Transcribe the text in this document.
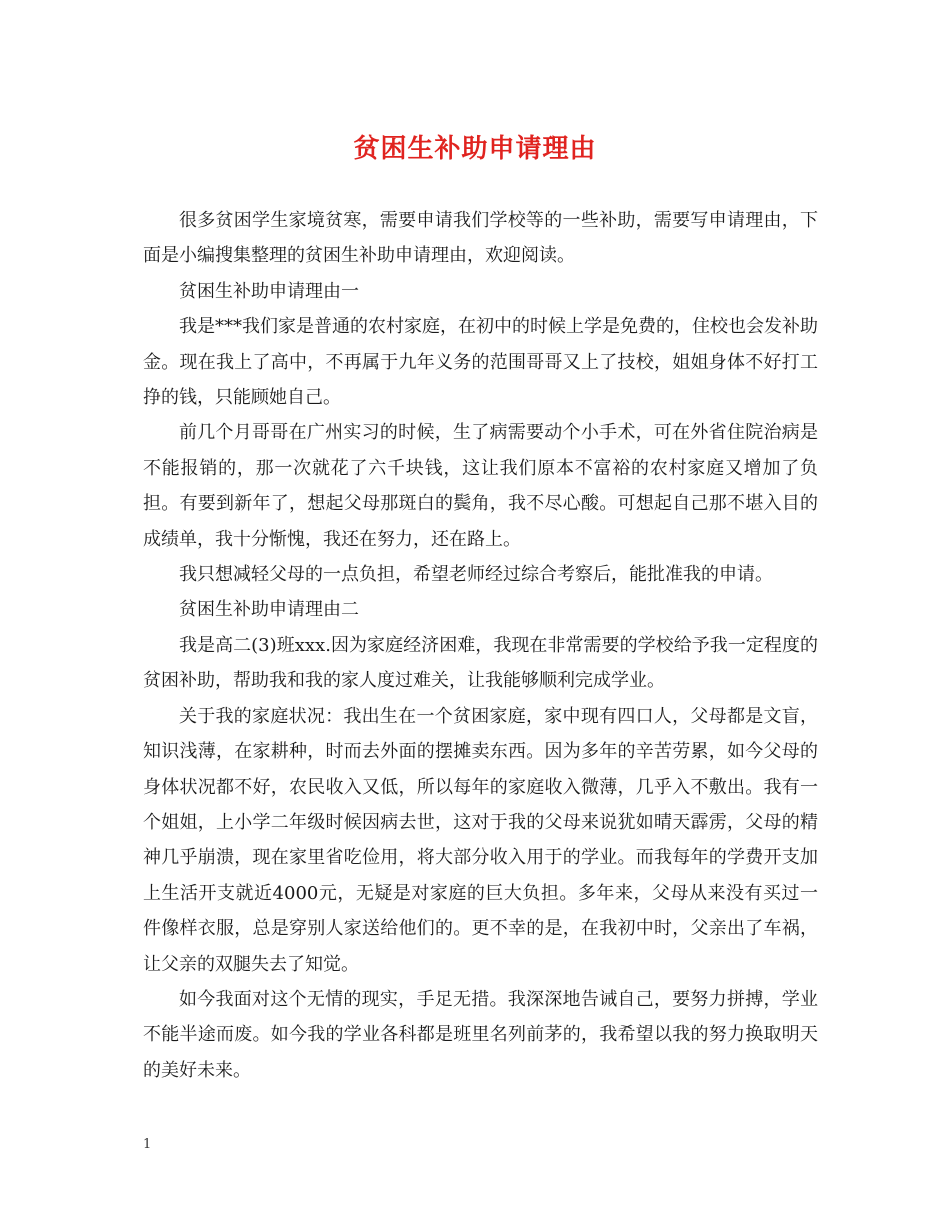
贫困生补助申请理由

很多贫困学生家境贫寒，需要申请我们学校等的一些补助，需要写申请理由，下面是小编搜集整理的贫困生补助申请理由，欢迎阅读。

贫困生补助申请理由一

我是***我们家是普通的农村家庭，在初中的时候上学是免费的，住校也会发补助金。现在我上了高中，不再属于九年义务的范围哥哥又上了技校，姐姐身体不好打工挣的钱，只能顾她自己。

前几个月哥哥在广州实习的时候，生了病需要动个小手术，可在外省住院治病是不能报销的，那一次就花了六千块钱，这让我们原本不富裕的农村家庭又增加了负担。有要到新年了，想起父母那斑白的鬓角，我不尽心酸。可想起自己那不堪入目的成绩单，我十分惭愧，我还在努力，还在路上。

我只想减轻父母的一点负担，希望老师经过综合考察后，能批准我的申请。

贫困生补助申请理由二

我是高二(3)班xxx.因为家庭经济困难，我现在非常需要的学校给予我一定程度的贫困补助，帮助我和我的家人度过难关，让我能够顺利完成学业。

关于我的家庭状况：我出生在一个贫困家庭，家中现有四口人，父母都是文盲，知识浅薄，在家耕种，时而去外面的摆摊卖东西。因为多年的辛苦劳累，如今父母的身体状况都不好，农民收入又低，所以每年的家庭收入微薄，几乎入不敷出。我有一个姐姐，上小学二年级时候因病去世，这对于我的父母来说犹如晴天霹雳，父母的精神几乎崩溃，现在家里省吃俭用，将大部分收入用于的学业。而我每年的学费开支加上生活开支就近4000元，无疑是对家庭的巨大负担。多年来，父母从来没有买过一件像样衣服，总是穿别人家送给他们的。更不幸的是，在我初中时，父亲出了车祸，让父亲的双腿失去了知觉。

如今我面对这个无情的现实，手足无措。我深深地告诫自己，要努力拼搏，学业不能半途而废。如今我的学业各科都是班里名列前茅的，我希望以我的努力换取明天的美好未来。

1
